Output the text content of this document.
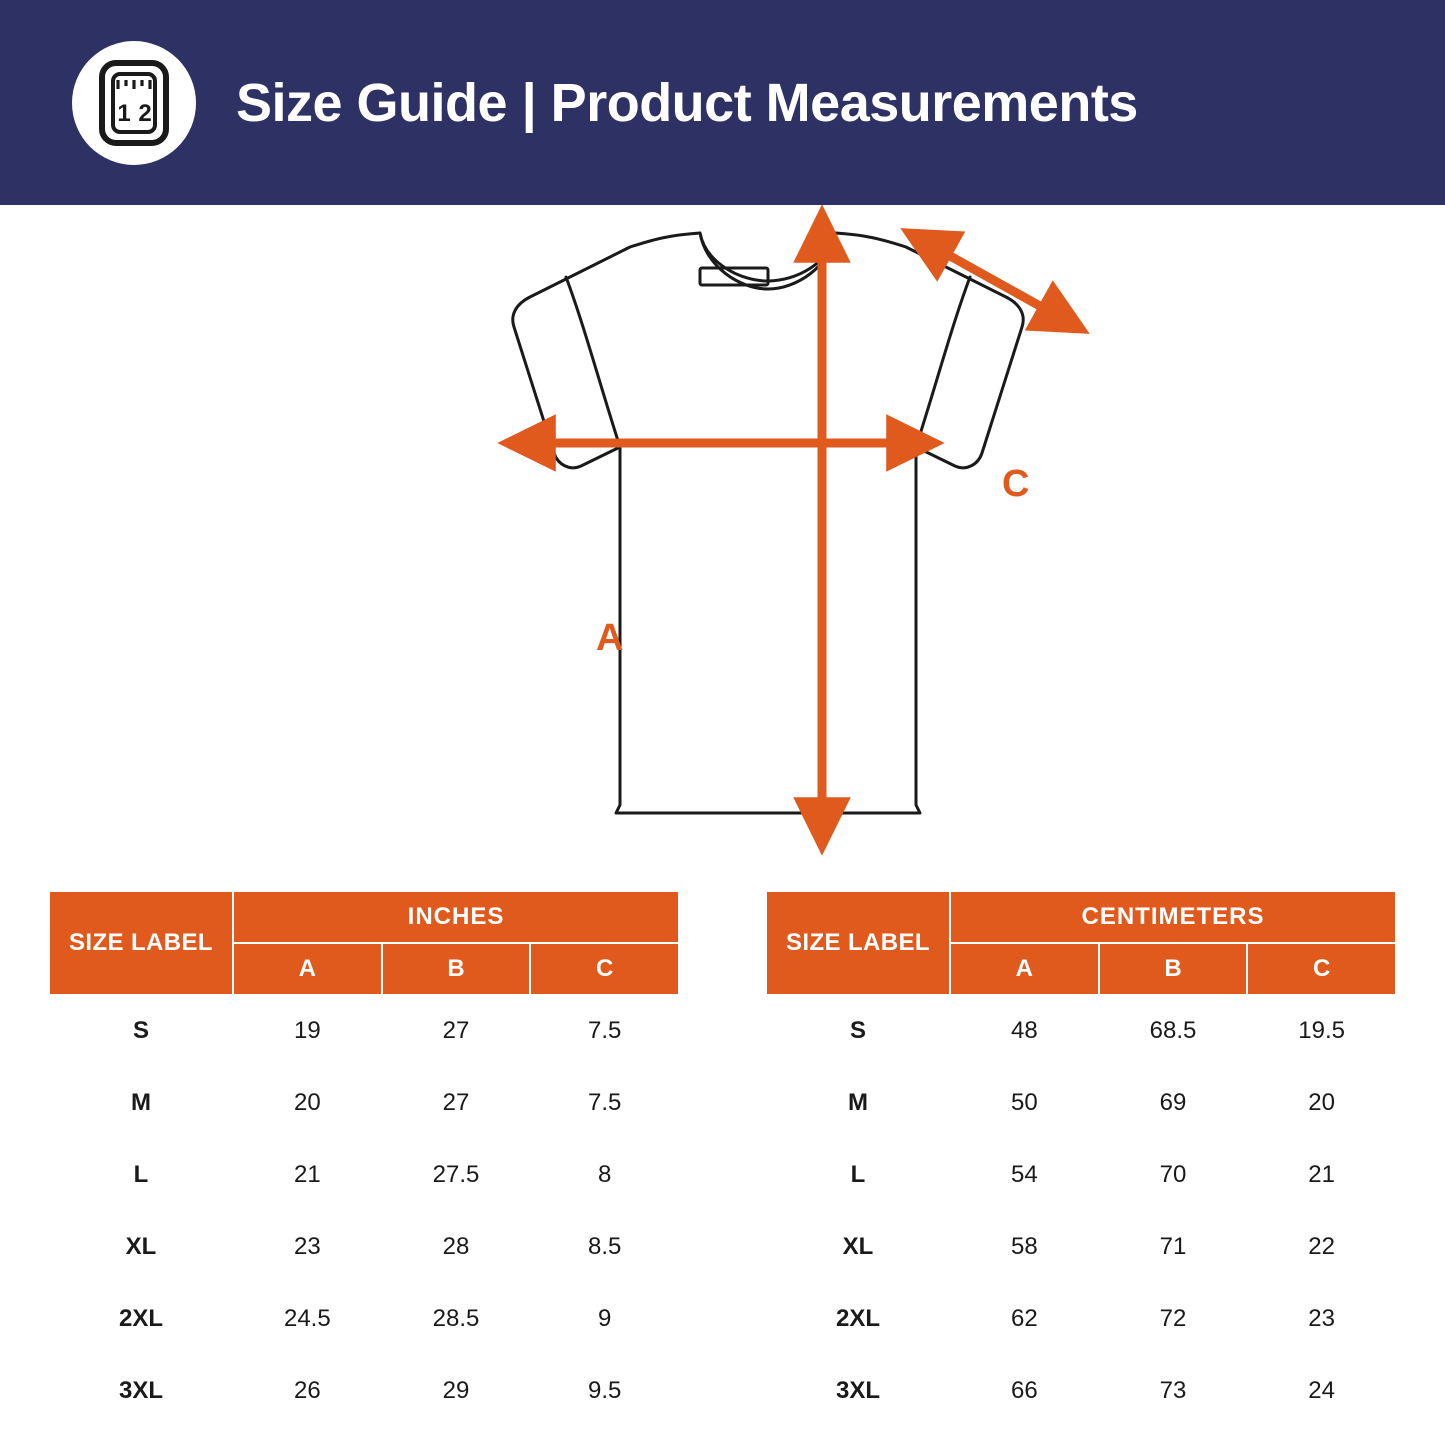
1 2 Size Guide | Product Measurements
A
B
C
SIZE LABEL	INCHES		
	A	B	C
S	19	27	7.5
M	20	27	7.5
L	21	27.5	8
XL	23	28	8.5
2XL	24.5	28.5	9
3XL	26	29	9.5
SIZE LABEL	CENTIMETERS		
	A	B	C
S	48	68.5	19.5
M	50	69	20
L	54	70	21
XL	58	71	22
2XL	62	72	23
3XL	66	73	24
